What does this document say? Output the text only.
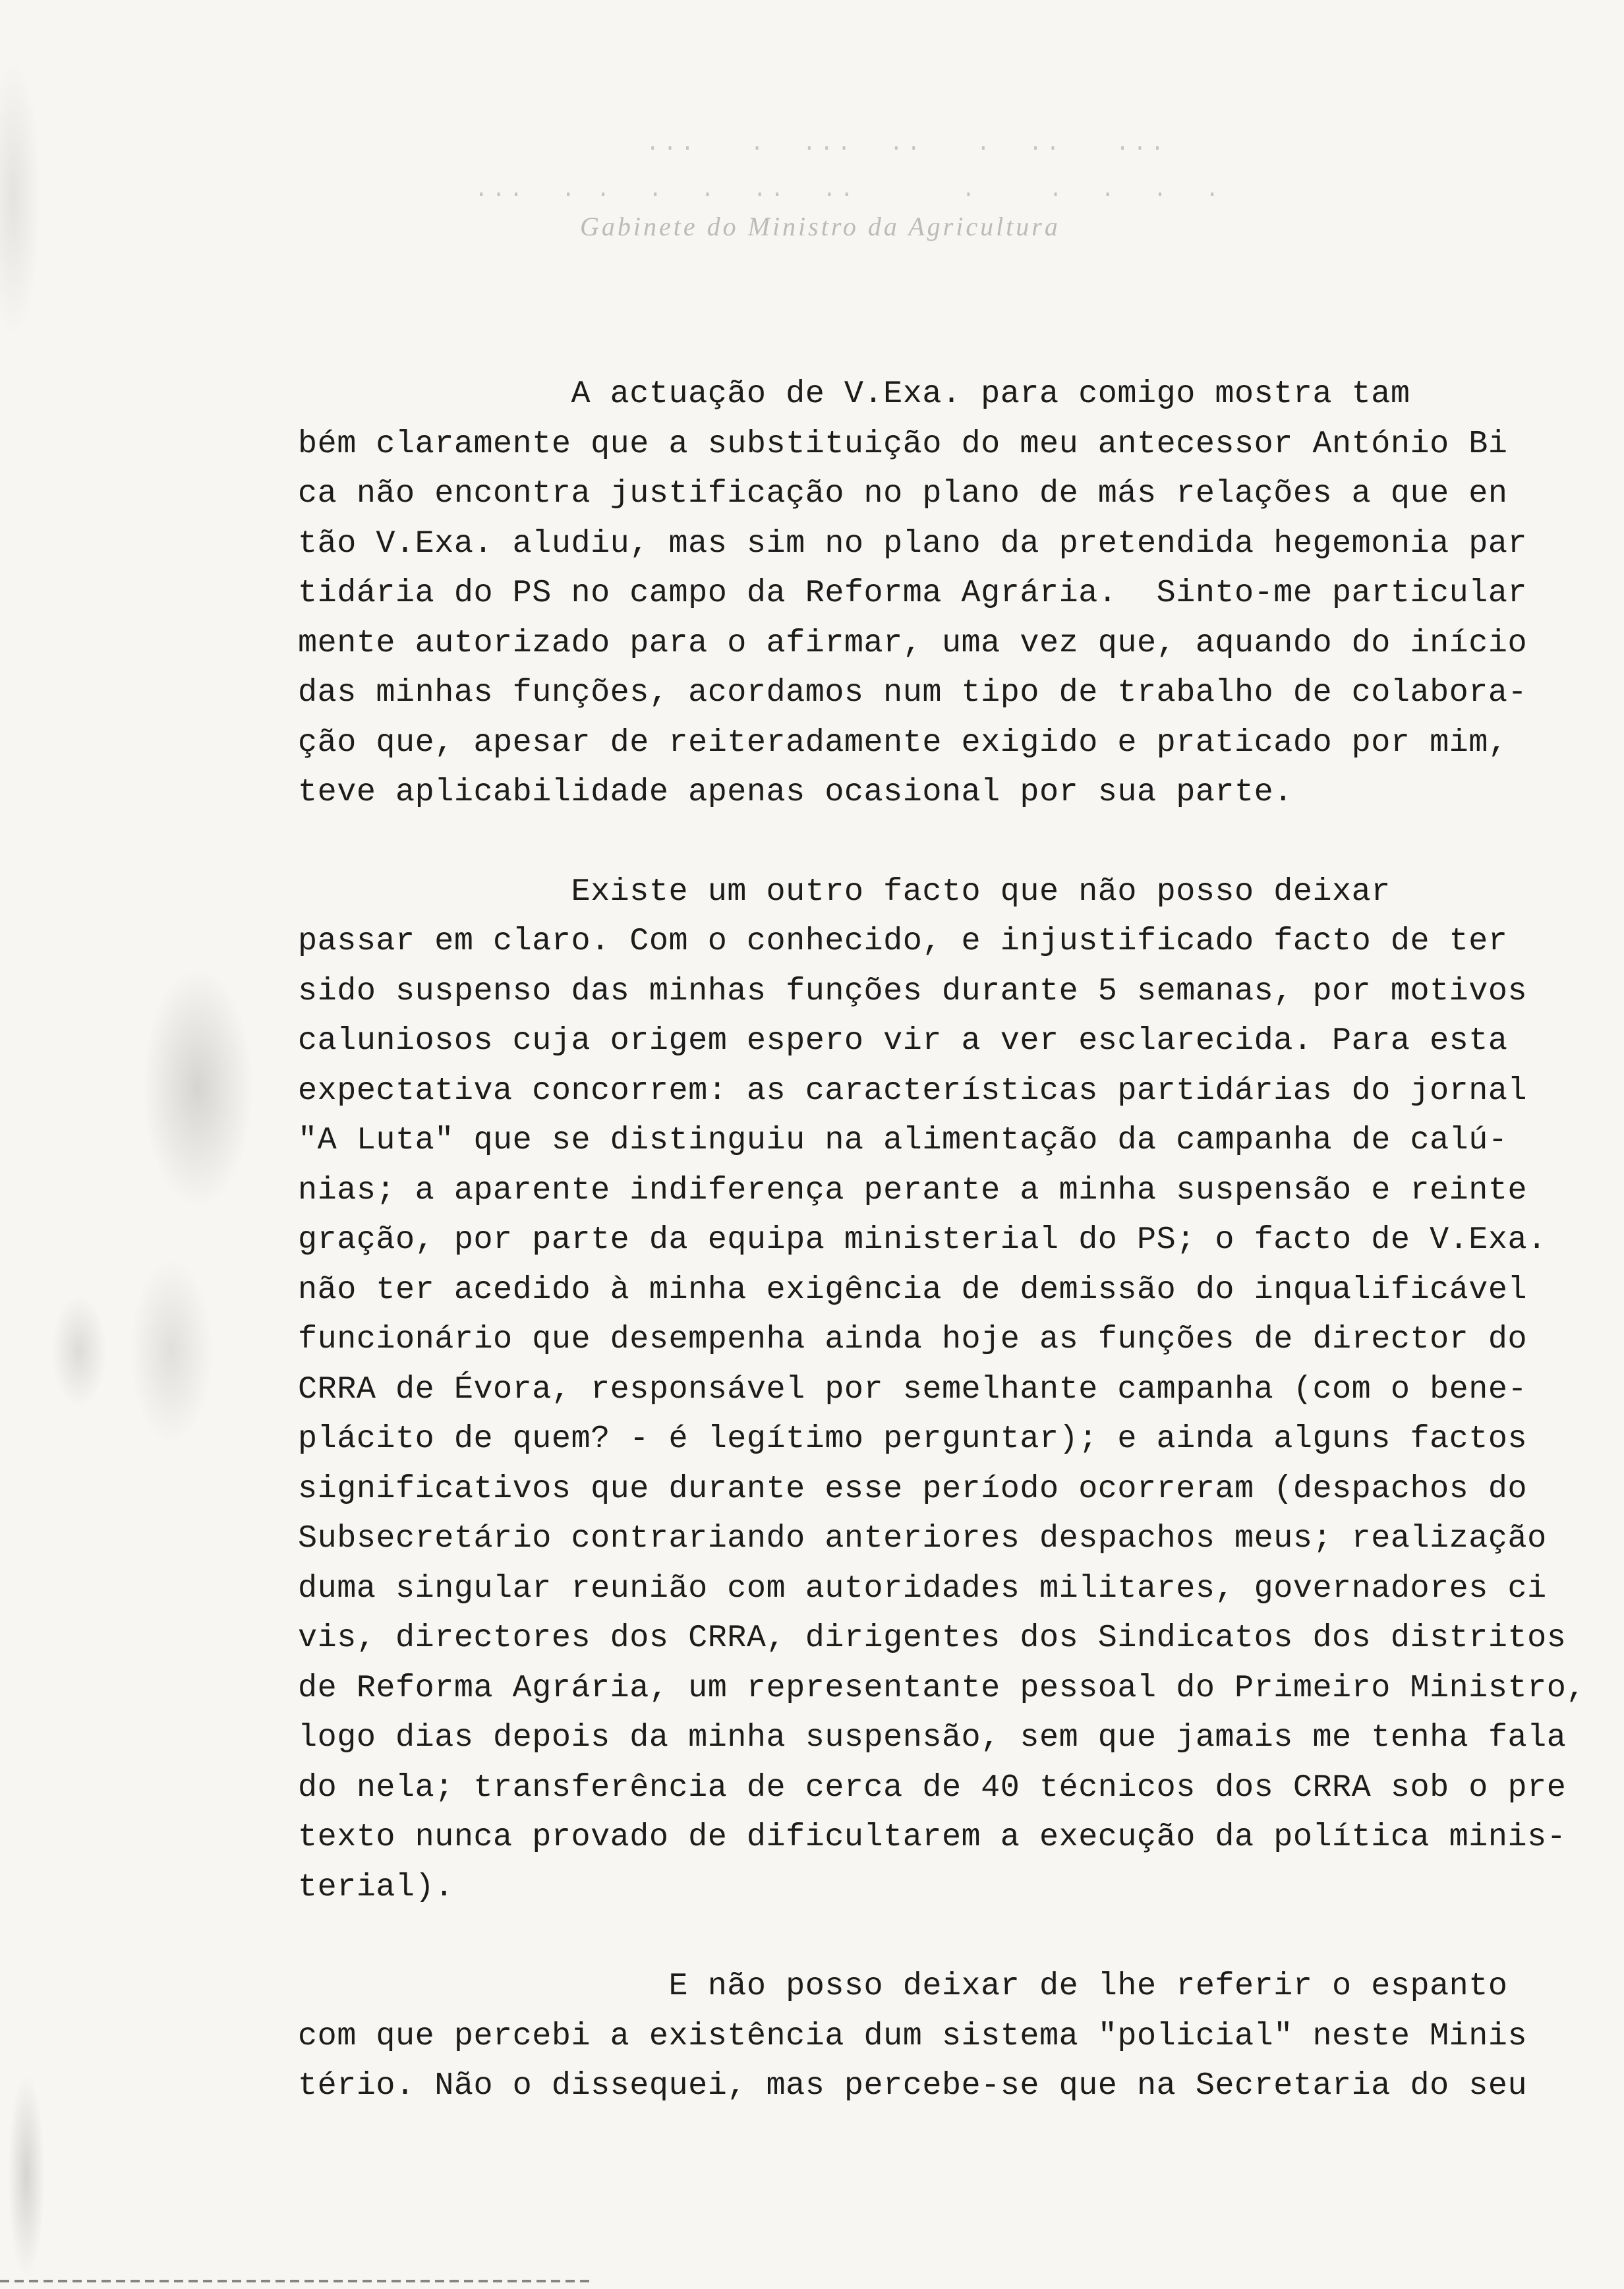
...   .  ...  ..   .  ..   ...
...  . .  .  .  ..  ..      .    .  .  .  .
Gabinete do Ministro da Agricultura
A actuação de V.Exa. para comigo mostra tam
bém claramente que a substituição do meu antecessor António Bi
ca não encontra justificação no plano de más relações a que en
tão V.Exa. aludiu, mas sim no plano da pretendida hegemonia par
tidária do PS no campo da Reforma Agrária.  Sinto-me particular
mente autorizado para o afirmar, uma vez que, aquando do início
das minhas funções, acordamos num tipo de trabalho de colabora-
ção que, apesar de reiteradamente exigido e praticado por mim,
teve aplicabilidade apenas ocasional por sua parte.
Existe um outro facto que não posso deixar
passar em claro. Com o conhecido, e injustificado facto de ter
sido suspenso das minhas funções durante 5 semanas, por motivos
caluniosos cuja origem espero vir a ver esclarecida. Para esta
expectativa concorrem: as características partidárias do jornal
"A Luta" que se distinguiu na alimentação da campanha de calú-
nias; a aparente indiferença perante a minha suspensão e reinte
gração, por parte da equipa ministerial do PS; o facto de V.Exa.
não ter acedido à minha exigência de demissão do inqualificável
funcionário que desempenha ainda hoje as funções de director do
CRRA de Évora, responsável por semelhante campanha (com o bene-
plácito de quem? - é legítimo perguntar); e ainda alguns factos
significativos que durante esse período ocorreram (despachos do
Subsecretário contrariando anteriores despachos meus; realização
duma singular reunião com autoridades militares, governadores ci
vis, directores dos CRRA, dirigentes dos Sindicatos dos distritos
de Reforma Agrária, um representante pessoal do Primeiro Ministro,
logo dias depois da minha suspensão, sem que jamais me tenha fala
do nela; transferência de cerca de 40 técnicos dos CRRA sob o pre
texto nunca provado de dificultarem a execução da política minis-
terial).
E não posso deixar de lhe referir o espanto
com que percebi a existência dum sistema "policial" neste Minis
tério. Não o dissequei, mas percebe-se que na Secretaria do seu
